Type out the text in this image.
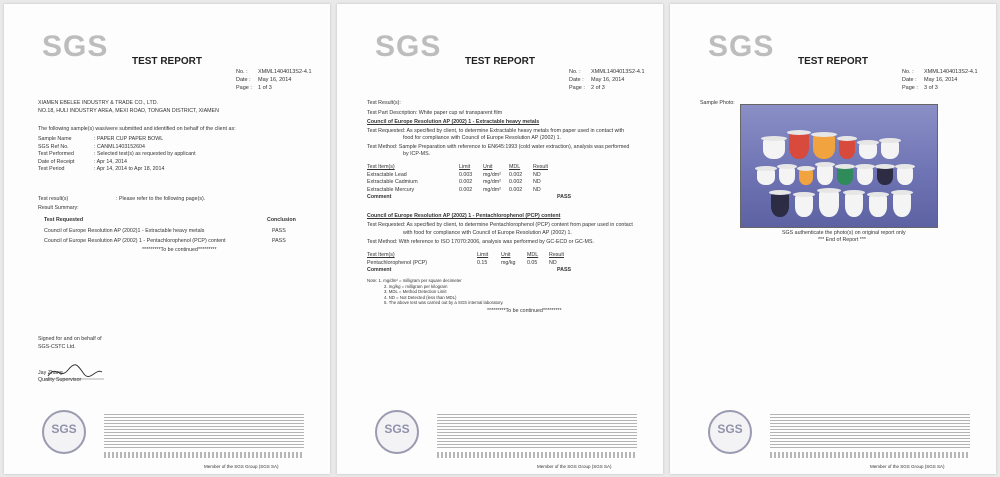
SGS	TEST REPORT
No. : XMML1404013S2-4.1
Date : May 16, 2014
Page : 1 of 3
XIAMEN EBELEE INDUSTRY & TRADE CO., LTD.
NO.18, HULI INDUSTRY AREA, MEXI ROAD, TONGAN DISTRICT, XIAMEN
The following sample(s) was/were submitted and identified on behalf of the client as:
Sample Name	: PAPER CUP PAPER BOWL
SGS Ref No.	: CANML1403152604
Test Performed	: Selected test(s) as requested by applicant
Date of Receipt	: Apr 14, 2014
Test Period	: Apr 14, 2014 to Apr 18, 2014
Test result(s)	: Please refer to the following page(s).
Result Summary:
Test Requested	Conclusion
Council of Europe Resolution AP (2002)1 - Extractable heavy metals	PASS
Council of Europe Resolution AP (2002) 1 - Pentachlorophenol (PCP) content	PASS
*********To be continued*********
Signed for and on behalf of
SGS-CSTC Ltd.
Jay Zhang
Quality Supervisor
SGS
Member of the SGS Group (SGS SA)
SGS	TEST REPORT
No. : XMML1404013S2-4.1
Date : May 16, 2014
Page : 2 of 3
Test Result(s):
Test Part Description: White paper cup w/ transparent film
Council of Europe Resolution AP (2002) 1 - Extractable heavy metals
Test Requested: As specified by client, to determine Extractable heavy metals from paper used in contact with
food for compliance with Council of Europe Resolution AP (2002) 1.
Test Method: Sample Preparation with reference to EN645:1993 (cold water extraction), analysis was performed
by ICP-MS.
Test Item(s)	Limit	Unit	MDL	Result
Extractable Lead	0.003	mg/dm²	0.002	ND
Extractable Cadmium	0.002	mg/dm²	0.002	ND
Extractable Mercury	0.002	mg/dm²	0.002	ND
Comment	PASS
Council of Europe Resolution AP (2002) 1 - Pentachlorophenol (PCP) content
Test Requested: As specified by client, to determine Pentachlorophenol (PCP) content from paper used in contact
with food for compliance with Council of Europe Resolution AP (2002) 1.
Test Method: With reference to ISO 17070:2006, analysis was performed by GC-ECD or GC-MS.
Test Item(s)	Limit	Unit	MDL	Result
Pentachlorophenol (PCP)	0.15	mg/kg	0.05	ND
Comment	PASS
Note: 1. mg/dm² = milligram per square decimeter
2. mg/kg = milligram per kilogram
3. MDL = Method Detection Limit
4. ND = Not Detected (less than MDL)
5. The above test was carried out by a SGS internal laboratory.
*********To be continued*********
SGS
Member of the SGS Group (SGS SA)
SGS	TEST REPORT
No. : XMML1404013S2-4.1
Date : May 16, 2014
Page : 3 of 3
Sample Photo:
SGS authenticate the photo(s) on original report only
*** End of Report ***
SGS
Member of the SGS Group (SGS SA)
